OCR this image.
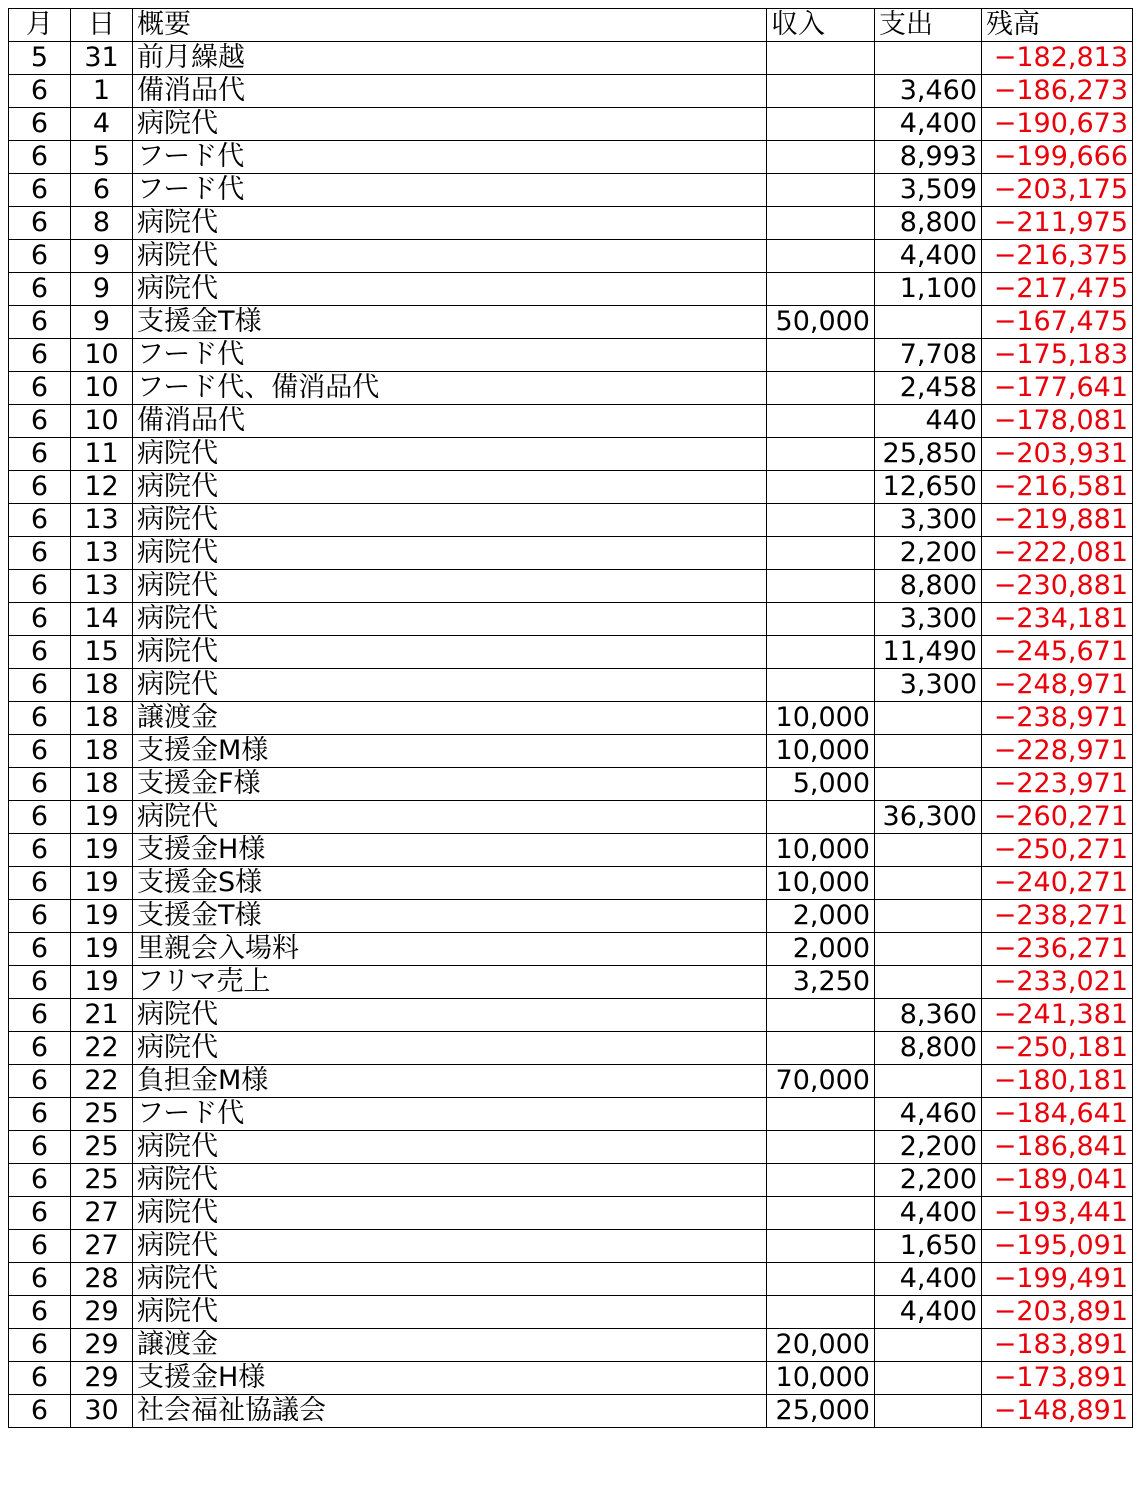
月	日	概要	収入	支出	残高
5	31	前月繰越			−182,813
6	1	備消品代		3,460	−186,273
6	4	病院代		4,400	−190,673
6	5	フード代		8,993	−199,666
6	6	フード代		3,509	−203,175
6	8	病院代		8,800	−211,975
6	9	病院代		4,400	−216,375
6	9	病院代		1,100	−217,475
6	9	支援金T様	50,000		−167,475
6	10	フード代		7,708	−175,183
6	10	フード代、備消品代		2,458	−177,641
6	10	備消品代		440	−178,081
6	11	病院代		25,850	−203,931
6	12	病院代		12,650	−216,581
6	13	病院代		3,300	−219,881
6	13	病院代		2,200	−222,081
6	13	病院代		8,800	−230,881
6	14	病院代		3,300	−234,181
6	15	病院代		11,490	−245,671
6	18	病院代		3,300	−248,971
6	18	譲渡金	10,000		−238,971
6	18	支援金M様	10,000		−228,971
6	18	支援金F様	5,000		−223,971
6	19	病院代		36,300	−260,271
6	19	支援金H様	10,000		−250,271
6	19	支援金S様	10,000		−240,271
6	19	支援金T様	2,000		−238,271
6	19	里親会入場料	2,000		−236,271
6	19	フリマ売上	3,250		−233,021
6	21	病院代		8,360	−241,381
6	22	病院代		8,800	−250,181
6	22	負担金M様	70,000		−180,181
6	25	フード代		4,460	−184,641
6	25	病院代		2,200	−186,841
6	25	病院代		2,200	−189,041
6	27	病院代		4,400	−193,441
6	27	病院代		1,650	−195,091
6	28	病院代		4,400	−199,491
6	29	病院代		4,400	−203,891
6	29	譲渡金	20,000		−183,891
6	29	支援金H様	10,000		−173,891
6	30	社会福祉協議会	25,000		−148,891
